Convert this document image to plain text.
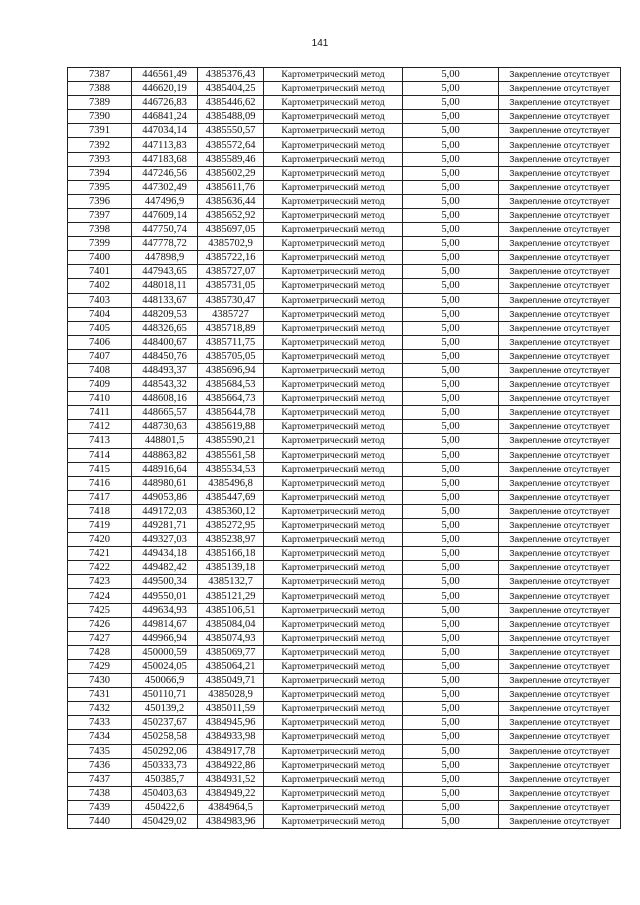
141
7387	446561,49	4385376,43	Картометрический метод	5,00	Закрепление отсутствует
7388	446620,19	4385404,25	Картометрический метод	5,00	Закрепление отсутствует
7389	446726,83	4385446,62	Картометрический метод	5,00	Закрепление отсутствует
7390	446841,24	4385488,09	Картометрический метод	5,00	Закрепление отсутствует
7391	447034,14	4385550,57	Картометрический метод	5,00	Закрепление отсутствует
7392	447113,83	4385572,64	Картометрический метод	5,00	Закрепление отсутствует
7393	447183,68	4385589,46	Картометрический метод	5,00	Закрепление отсутствует
7394	447246,56	4385602,29	Картометрический метод	5,00	Закрепление отсутствует
7395	447302,49	4385611,76	Картометрический метод	5,00	Закрепление отсутствует
7396	447496,9	4385636,44	Картометрический метод	5,00	Закрепление отсутствует
7397	447609,14	4385652,92	Картометрический метод	5,00	Закрепление отсутствует
7398	447750,74	4385697,05	Картометрический метод	5,00	Закрепление отсутствует
7399	447778,72	4385702,9	Картометрический метод	5,00	Закрепление отсутствует
7400	447898,9	4385722,16	Картометрический метод	5,00	Закрепление отсутствует
7401	447943,65	4385727,07	Картометрический метод	5,00	Закрепление отсутствует
7402	448018,11	4385731,05	Картометрический метод	5,00	Закрепление отсутствует
7403	448133,67	4385730,47	Картометрический метод	5,00	Закрепление отсутствует
7404	448209,53	4385727	Картометрический метод	5,00	Закрепление отсутствует
7405	448326,65	4385718,89	Картометрический метод	5,00	Закрепление отсутствует
7406	448400,67	4385711,75	Картометрический метод	5,00	Закрепление отсутствует
7407	448450,76	4385705,05	Картометрический метод	5,00	Закрепление отсутствует
7408	448493,37	4385696,94	Картометрический метод	5,00	Закрепление отсутствует
7409	448543,32	4385684,53	Картометрический метод	5,00	Закрепление отсутствует
7410	448608,16	4385664,73	Картометрический метод	5,00	Закрепление отсутствует
7411	448665,57	4385644,78	Картометрический метод	5,00	Закрепление отсутствует
7412	448730,63	4385619,88	Картометрический метод	5,00	Закрепление отсутствует
7413	448801,5	4385590,21	Картометрический метод	5,00	Закрепление отсутствует
7414	448863,82	4385561,58	Картометрический метод	5,00	Закрепление отсутствует
7415	448916,64	4385534,53	Картометрический метод	5,00	Закрепление отсутствует
7416	448980,61	4385496,8	Картометрический метод	5,00	Закрепление отсутствует
7417	449053,86	4385447,69	Картометрический метод	5,00	Закрепление отсутствует
7418	449172,03	4385360,12	Картометрический метод	5,00	Закрепление отсутствует
7419	449281,71	4385272,95	Картометрический метод	5,00	Закрепление отсутствует
7420	449327,03	4385238,97	Картометрический метод	5,00	Закрепление отсутствует
7421	449434,18	4385166,18	Картометрический метод	5,00	Закрепление отсутствует
7422	449482,42	4385139,18	Картометрический метод	5,00	Закрепление отсутствует
7423	449500,34	4385132,7	Картометрический метод	5,00	Закрепление отсутствует
7424	449550,01	4385121,29	Картометрический метод	5,00	Закрепление отсутствует
7425	449634,93	4385106,51	Картометрический метод	5,00	Закрепление отсутствует
7426	449814,67	4385084,04	Картометрический метод	5,00	Закрепление отсутствует
7427	449966,94	4385074,93	Картометрический метод	5,00	Закрепление отсутствует
7428	450000,59	4385069,77	Картометрический метод	5,00	Закрепление отсутствует
7429	450024,05	4385064,21	Картометрический метод	5,00	Закрепление отсутствует
7430	450066,9	4385049,71	Картометрический метод	5,00	Закрепление отсутствует
7431	450110,71	4385028,9	Картометрический метод	5,00	Закрепление отсутствует
7432	450139,2	4385011,59	Картометрический метод	5,00	Закрепление отсутствует
7433	450237,67	4384945,96	Картометрический метод	5,00	Закрепление отсутствует
7434	450258,58	4384933,98	Картометрический метод	5,00	Закрепление отсутствует
7435	450292,06	4384917,78	Картометрический метод	5,00	Закрепление отсутствует
7436	450333,73	4384922,86	Картометрический метод	5,00	Закрепление отсутствует
7437	450385,7	4384931,52	Картометрический метод	5,00	Закрепление отсутствует
7438	450403,63	4384949,22	Картометрический метод	5,00	Закрепление отсутствует
7439	450422,6	4384964,5	Картометрический метод	5,00	Закрепление отсутствует
7440	450429,02	4384983,96	Картометрический метод	5,00	Закрепление отсутствует
